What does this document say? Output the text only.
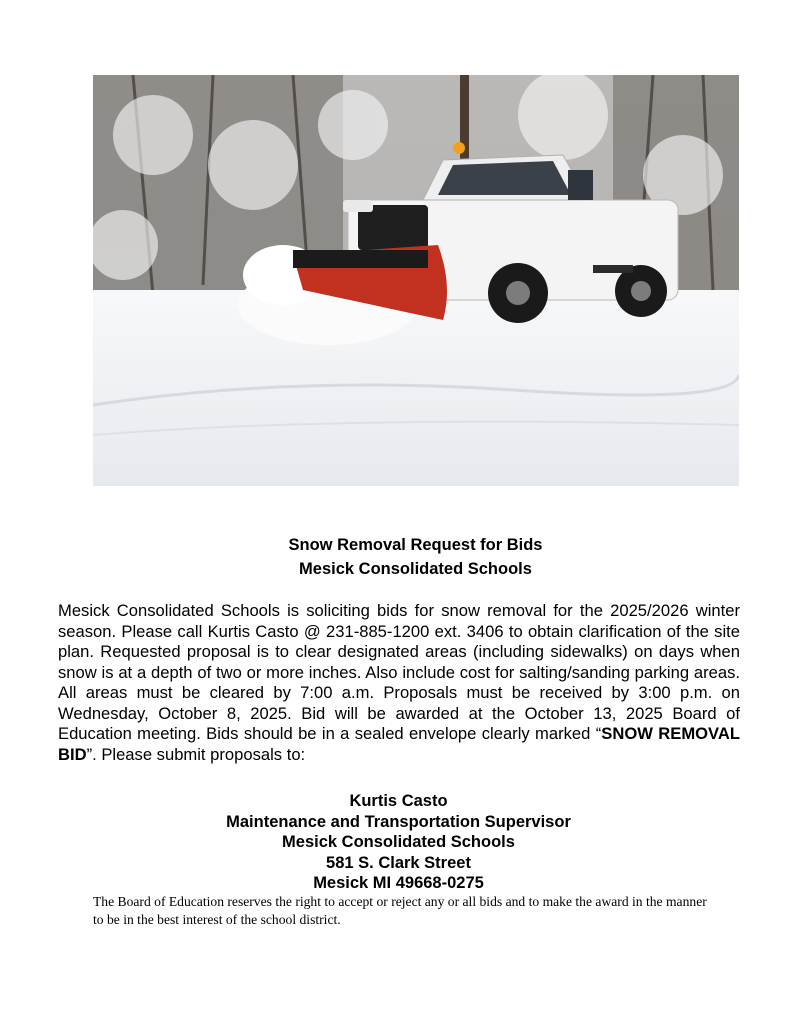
Snow Removal Request for Bids
Mesick Consolidated Schools
Mesick Consolidated Schools is soliciting bids for snow removal for the 2025/2026 winter season. Please call Kurtis Casto @ 231-885-1200 ext. 3406 to obtain clarification of the site plan. Requested proposal is to clear designated areas (including sidewalks) on days when snow is at a depth of two or more inches. Also include cost for salting/sanding parking areas. All areas must be cleared by 7:00 a.m. Proposals must be received by 3:00 p.m. on Wednesday, October 8, 2025. Bid will be awarded at the October 13, 2025 Board of Education meeting. Bids should be in a sealed envelope clearly marked “SNOW REMOVAL BID”. Please submit proposals to:
Kurtis Casto
Maintenance and Transportation Supervisor
Mesick Consolidated Schools
581 S. Clark Street
Mesick MI 49668-0275
The Board of Education reserves the right to accept or reject any or all bids and to make the award in the manner to be in the best interest of the school district.
